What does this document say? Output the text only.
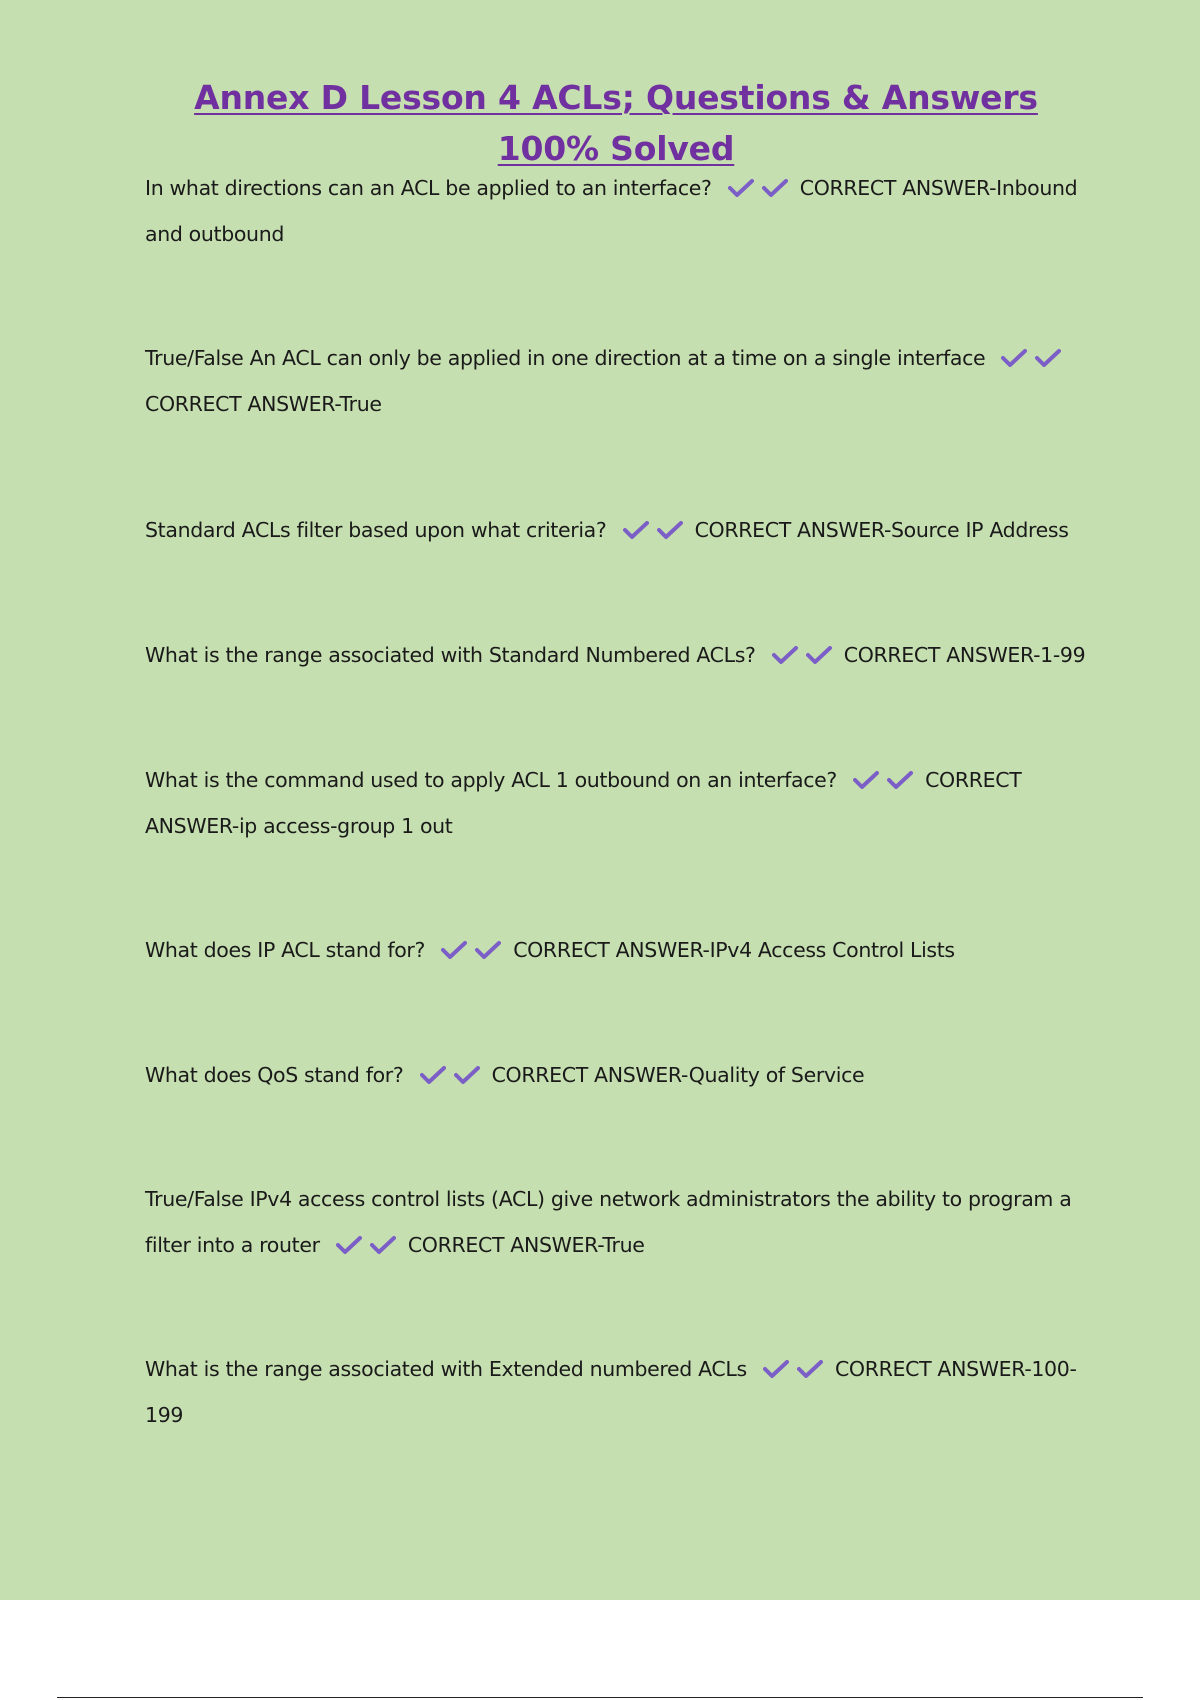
Annex D Lesson 4 ACLs; Questions & Answers 100% Solved

In what directions can an ACL be applied to an interface?	CORRECT ANSWER-Inbound and outbound

True/False An ACL can only be applied in one direction at a time on a single interface
CORRECT ANSWER-True

Standard ACLs filter based upon what criteria?	CORRECT ANSWER-Source IP Address

What is the range associated with Standard Numbered ACLs?	CORRECT ANSWER-1-99

What is the command used to apply ACL 1 outbound on an interface?	CORRECT ANSWER-ip access-group 1 out

What does IP ACL stand for?	CORRECT ANSWER-IPv4 Access Control Lists

What does QoS stand for?	CORRECT ANSWER-Quality of Service

True/False IPv4 access control lists (ACL) give network administrators the ability to program a filter into a router	CORRECT ANSWER-True

What is the range associated with Extended numbered ACLs	CORRECT ANSWER-100-199
